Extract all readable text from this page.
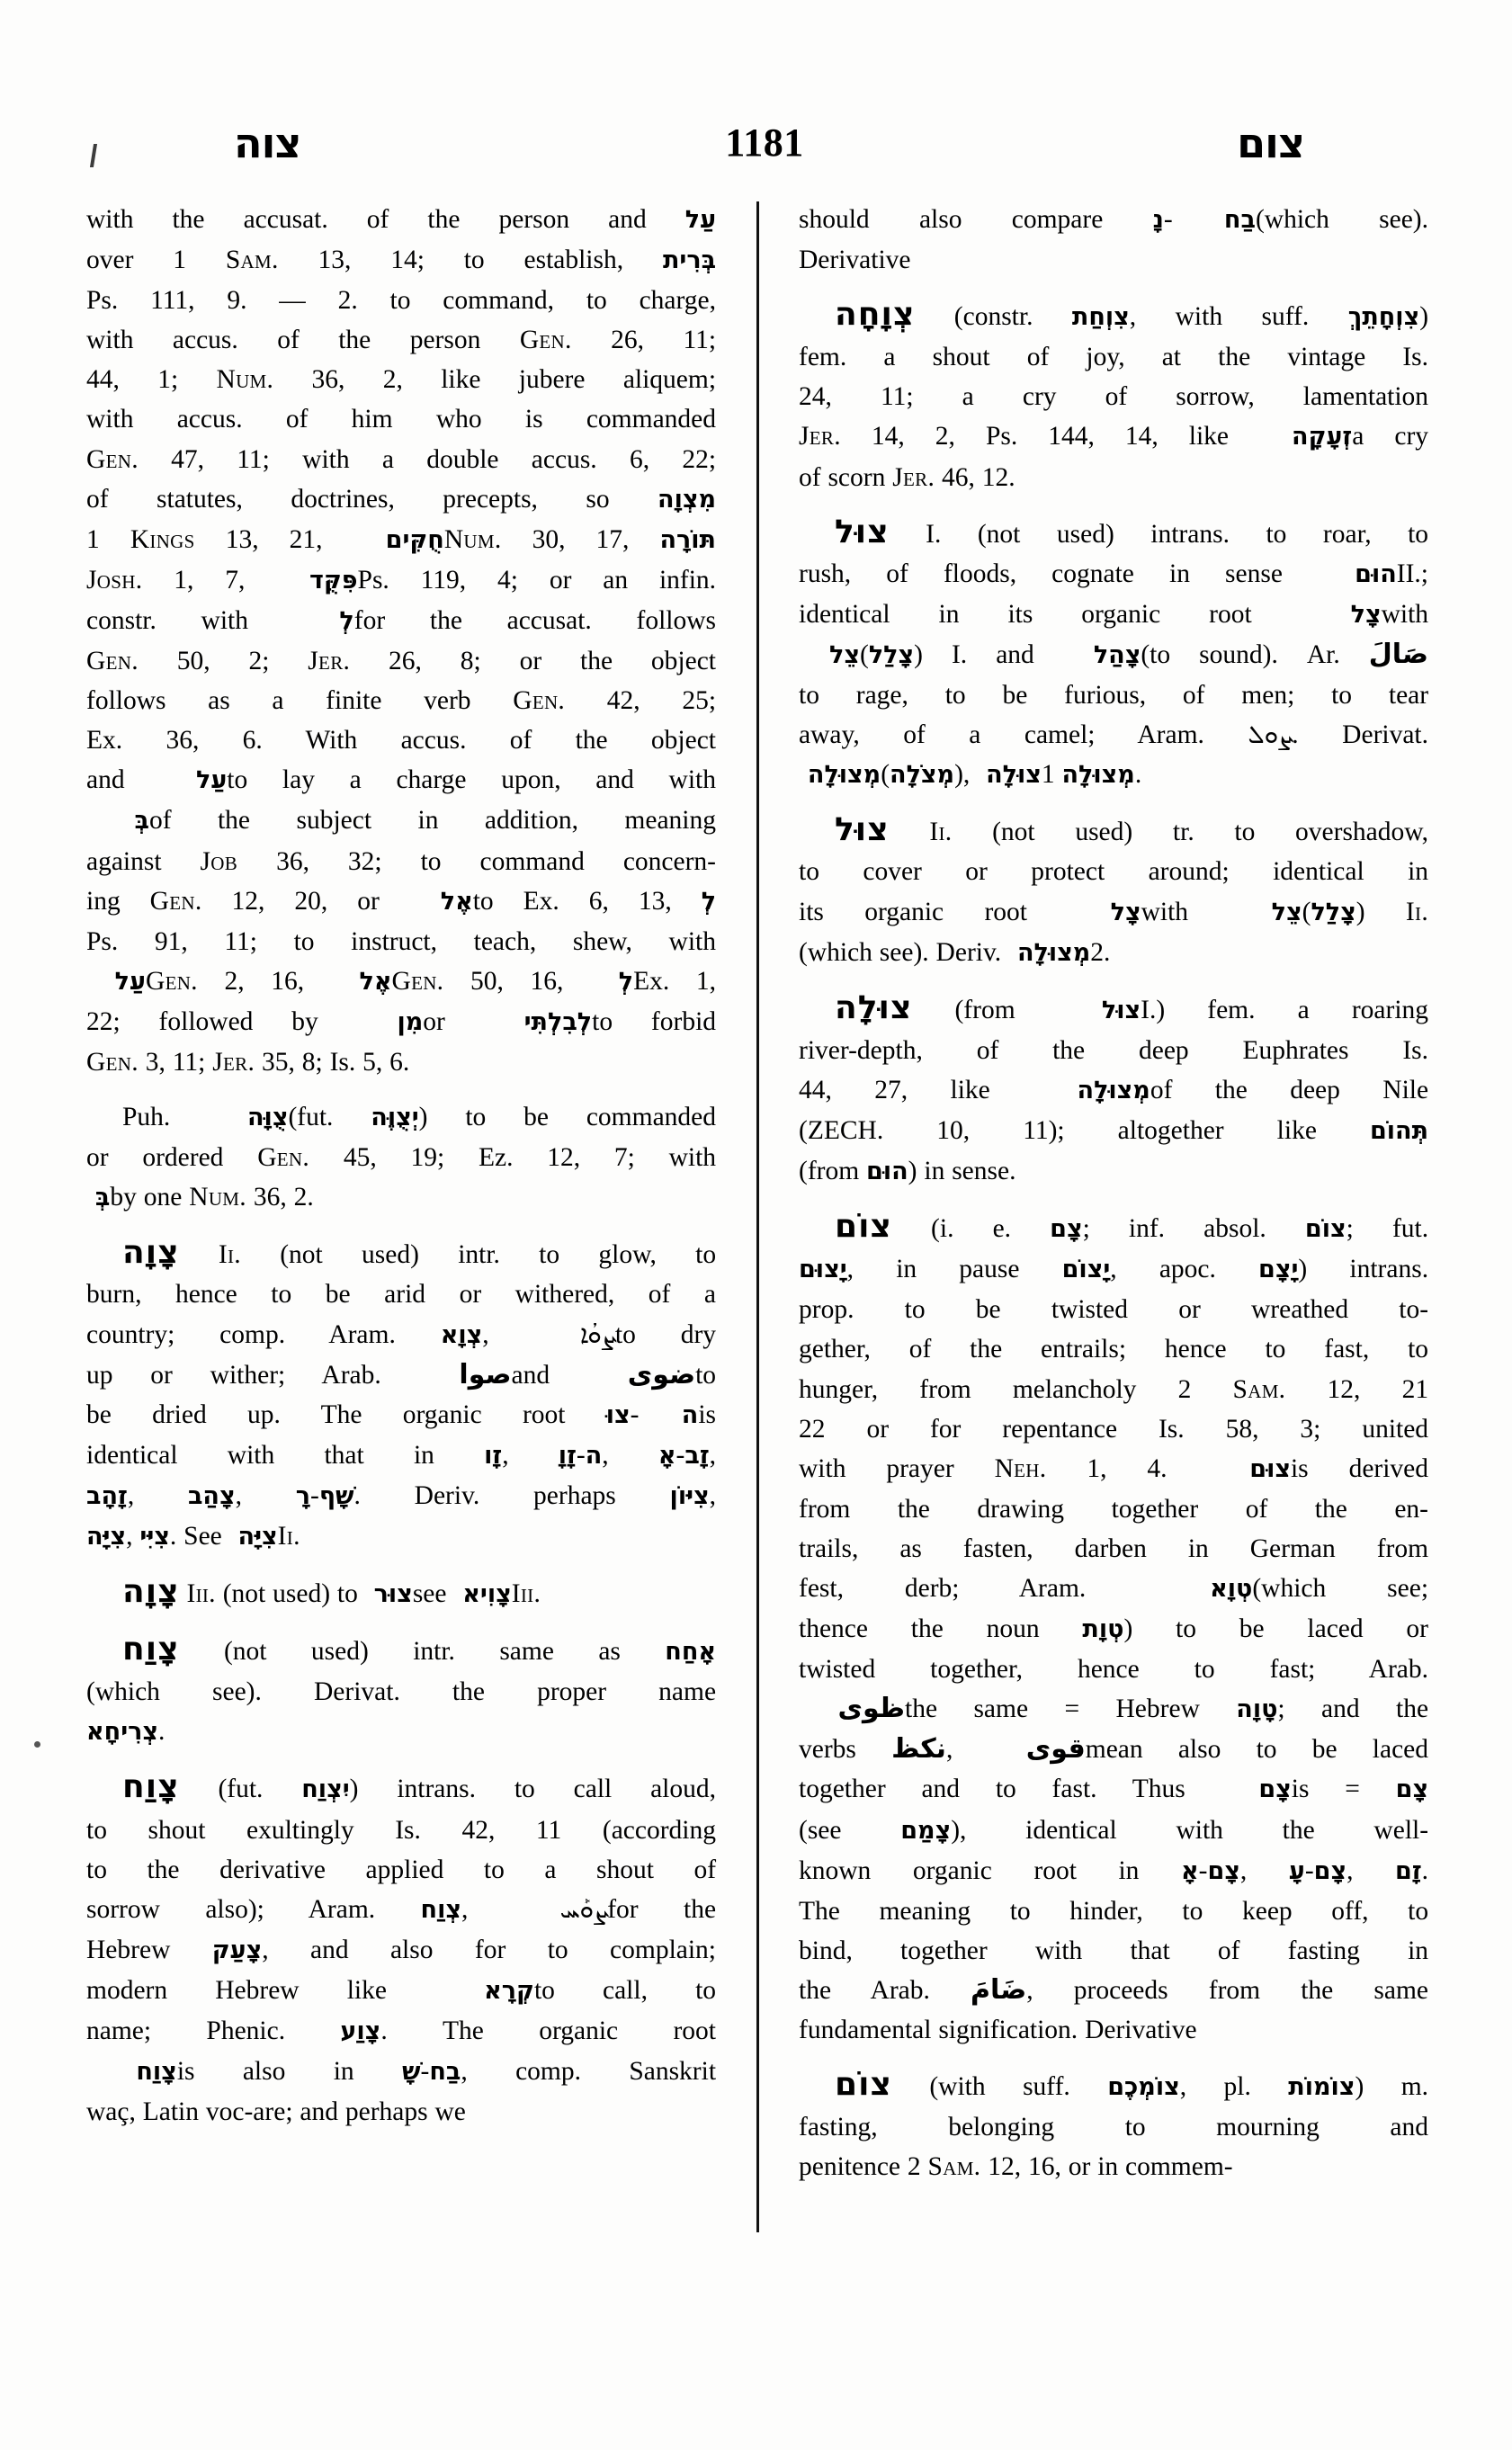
צוה	1181	צום
with the accusat. of the person and עַל
over 1 Sam. 13, 14; to establish, בְּרִית
Ps. 111, 9. — 2. to command, to charge,
with accus. of the person Gen. 26, 11;
44, 1; Num. 36, 2, like jubere aliquem;
with accus. of him who is commanded
Gen. 47, 11; with a double accus. 6, 22;
of statutes, doctrines, precepts, so מִצְוָה
1 Kings 13, 21, חֻקִּים Num. 30, 17, תּוֹרָה
Josh. 1, 7, פִּקֻּד Ps. 119, 4; or an infin.
constr. with לְ for the accusat. follows
Gen. 50, 2; Jer. 26, 8; or the object
follows as a finite verb Gen. 42, 25;
Ex. 36, 6. With accus. of the object
and עַל to lay a charge upon, and with
בְּ of the subject in addition, meaning
against Job 36, 32; to command concern-
ing Gen. 12, 20, or אֶל to Ex. 6, 13, לְ
Ps. 91, 11; to instruct, teach, shew, with
עַל Gen. 2, 16, אֶל Gen. 50, 16, לְ Ex. 1,
22; followed by מִן or לְבִלְתִּי to forbid
Gen. 3, 11; Jer. 35, 8; Is. 5, 6.
Puh. צֻוָּה (fut. יְצֻוֶּה) to be commanded
or ordered Gen. 45, 19; Ez. 12, 7; with
בְּ by one Num. 36, 2.
צָוָה Ii. (not used) intr. to glow, to
burn, hence to be arid or withered, of a
country; comp. Aram. צְוָא, ܨܘܳܐ to dry
up or wither; Arab. صوا and ضوى to
be dried up. The organic root צוּ-ה is
identical with that in זָו, זָוָ-ה, אָ-זָב,
זָהָב, צָהַב, רָ-שָׁף. Deriv. perhaps צִיּוֹן,
צִיָּה, צִיִּי. See צִיָּה Ii.
צָוָה Iii. (not used) to צוּר see צָוִיא Iii.
צָוַח (not used) intr. same as אָחַח
(which see). Derivat. the proper name
צְרִיחָא.
צָוַח (fut. יִצְוַח) intrans. to call aloud,
to shout exultingly Is. 42, 11 (according
to the derivative applied to a shout of
sorrow also); Aram. צְוַח, ܨܘܰܚ for the
Hebrew צָעַק, and also for to complain;
modern Hebrew like קְרָא to call, to
name; Phenic. צָוַע. The organic root
צָוַח is also in שָׁ-בַח, comp. Sanskrit
waç, Latin voc-are; and perhaps we
should also compare נָ-בַח (which see).
Derivative
צְוָחָה (constr. צִוְחַת, with suff. צִוְחָתֵךְ)
fem. a shout of joy, at the vintage Is.
24, 11; a cry of sorrow, lamentation
Jer. 14, 2, Ps. 144, 14, like זְעָקָה a cry
of scorn Jer. 46, 12.
צוּל I. (not used) intrans. to roar, to
rush, of floods, cognate in sense הוּם II.;
identical in its organic root צָל with
צֵל (צָלַל) I. and צָהַל (to sound). Ar. صَالَ
to rage, to be furious, of men; to tear
away, of a camel; Aram. ܨܘܠ. Derivat.
מְצוּלָה (מְצֹלָה), צוּלָה 1 מְצוּלָה.
צוּל Ii. (not used) tr. to overshadow,
to cover or protect around; identical in
its organic root צָל with צֵל (צָלַל) Ii.
(which see). Deriv. מְצוּלָה 2.
צוּלָה (from צוּל I.) fem. a roaring
river-depth, of the deep Euphrates Is.
44, 27, like מְצוּלָה of the deep Nile
(ZECH. 10, 11); altogether like תְּהוֹם
(from הוּם) in sense.
צוֹם (i. e. צָם; inf. absol. צוֹם; fut.
יָצוּם, in pause יָצוֹם, apoc. יָצָם) intrans.
prop. to be twisted or wreathed to-
gether, of the entrails; hence to fast, to
hunger, from melancholy 2 Sam. 12, 21
22 or for repentance Is. 58, 3; united
with prayer Neh. 1, 4. צוּם is derived
from the drawing together of the en-
trails, as fasten, darben in German from
fest, derb; Aram.	טְוָא (which see;
thence the noun טְוָת) to be laced or
twisted together, hence to fast; Arab.
ظوى the same = Hebrew טָוָה; and the
verbs نكظ, قوى mean also to be laced
together and to fast. Thus צָם is = צָם
(see צָמַם), identical with the well-
known organic root in אָ-צָם, עָ-צָם, זָם.
The meaning to hinder, to keep off, to
bind, together with that of fasting in
the Arab. ضَامَ, proceeds from the same
fundamental signification. Derivative
צוֹם (with suff. צוֹמְכֶם, pl. צוֹמוֹת) m.
fasting,	belonging	to	mourning	and
penitence 2 Sam. 12, 16, or in commem-
